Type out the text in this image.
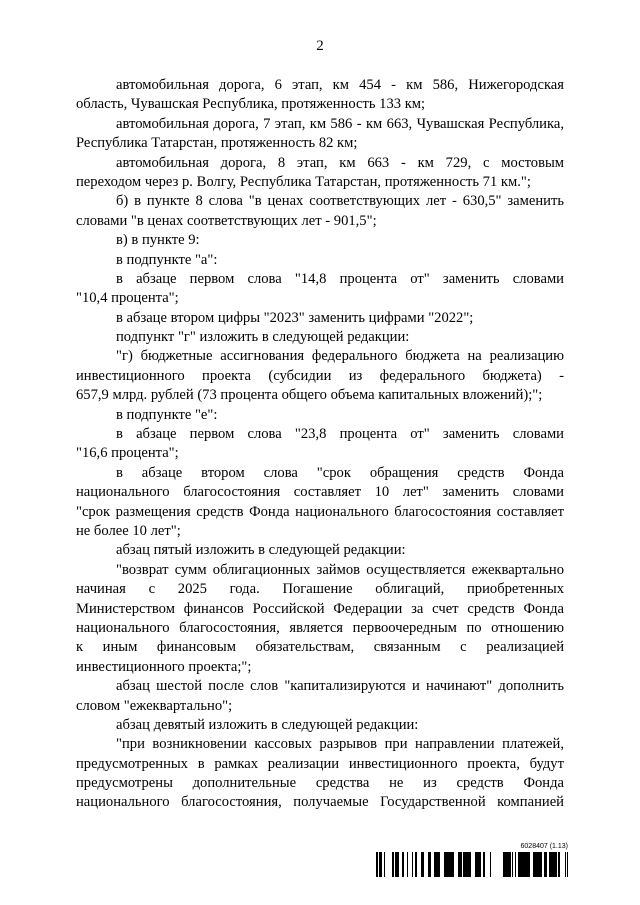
2
автомобильная дорога, 6 этап, км 454 - км 586, Нижегородская
область, Чувашская Республика, протяженность 133 км;
автомобильная дорога, 7 этап, км 586 - км 663, Чувашская Республика,
Республика Татарстан, протяженность 82 км;
автомобильная дорога, 8 этап, км 663 - км 729, с мостовым
переходом через р. Волгу, Республика Татарстан, протяженность 71 км.";
б) в пункте 8 слова "в ценах соответствующих лет - 630,5" заменить
словами "в ценах соответствующих лет - 901,5";
в) в пункте 9:
в подпункте "а":
в абзаце первом слова "14,8 процента от" заменить словами
"10,4 процента";
в абзаце втором цифры "2023" заменить цифрами "2022";
подпункт "г" изложить в следующей редакции:
"г) бюджетные ассигнования федерального бюджета на реализацию
инвестиционного проекта (субсидии из федерального бюджета) -
657,9 млрд. рублей (73 процента общего объема капитальных вложений);";
в подпункте "е":
в абзаце первом слова "23,8 процента от" заменить словами
"16,6 процента";
в абзаце втором слова "срок обращения средств Фонда
национального благосостояния составляет 10 лет" заменить словами
"срок размещения средств Фонда национального благосостояния составляет
не более 10 лет";
абзац пятый изложить в следующей редакции:
"возврат сумм облигационных займов осуществляется ежеквартально
начиная с 2025 года. Погашение облигаций, приобретенных
Министерством финансов Российской Федерации за счет средств Фонда
национального благосостояния, является первоочередным по отношению
к иным финансовым обязательствам, связанным с реализацией
инвестиционного проекта;";
абзац шестой после слов "капитализируются и начинают" дополнить
словом "ежеквартально";
абзац девятый изложить в следующей редакции:
"при возникновении кассовых разрывов при направлении платежей,
предусмотренных в рамках реализации инвестиционного проекта, будут
предусмотрены дополнительные средства не из средств Фонда
национального благосостояния, получаемые Государственной компанией
6028407 (1.13)
